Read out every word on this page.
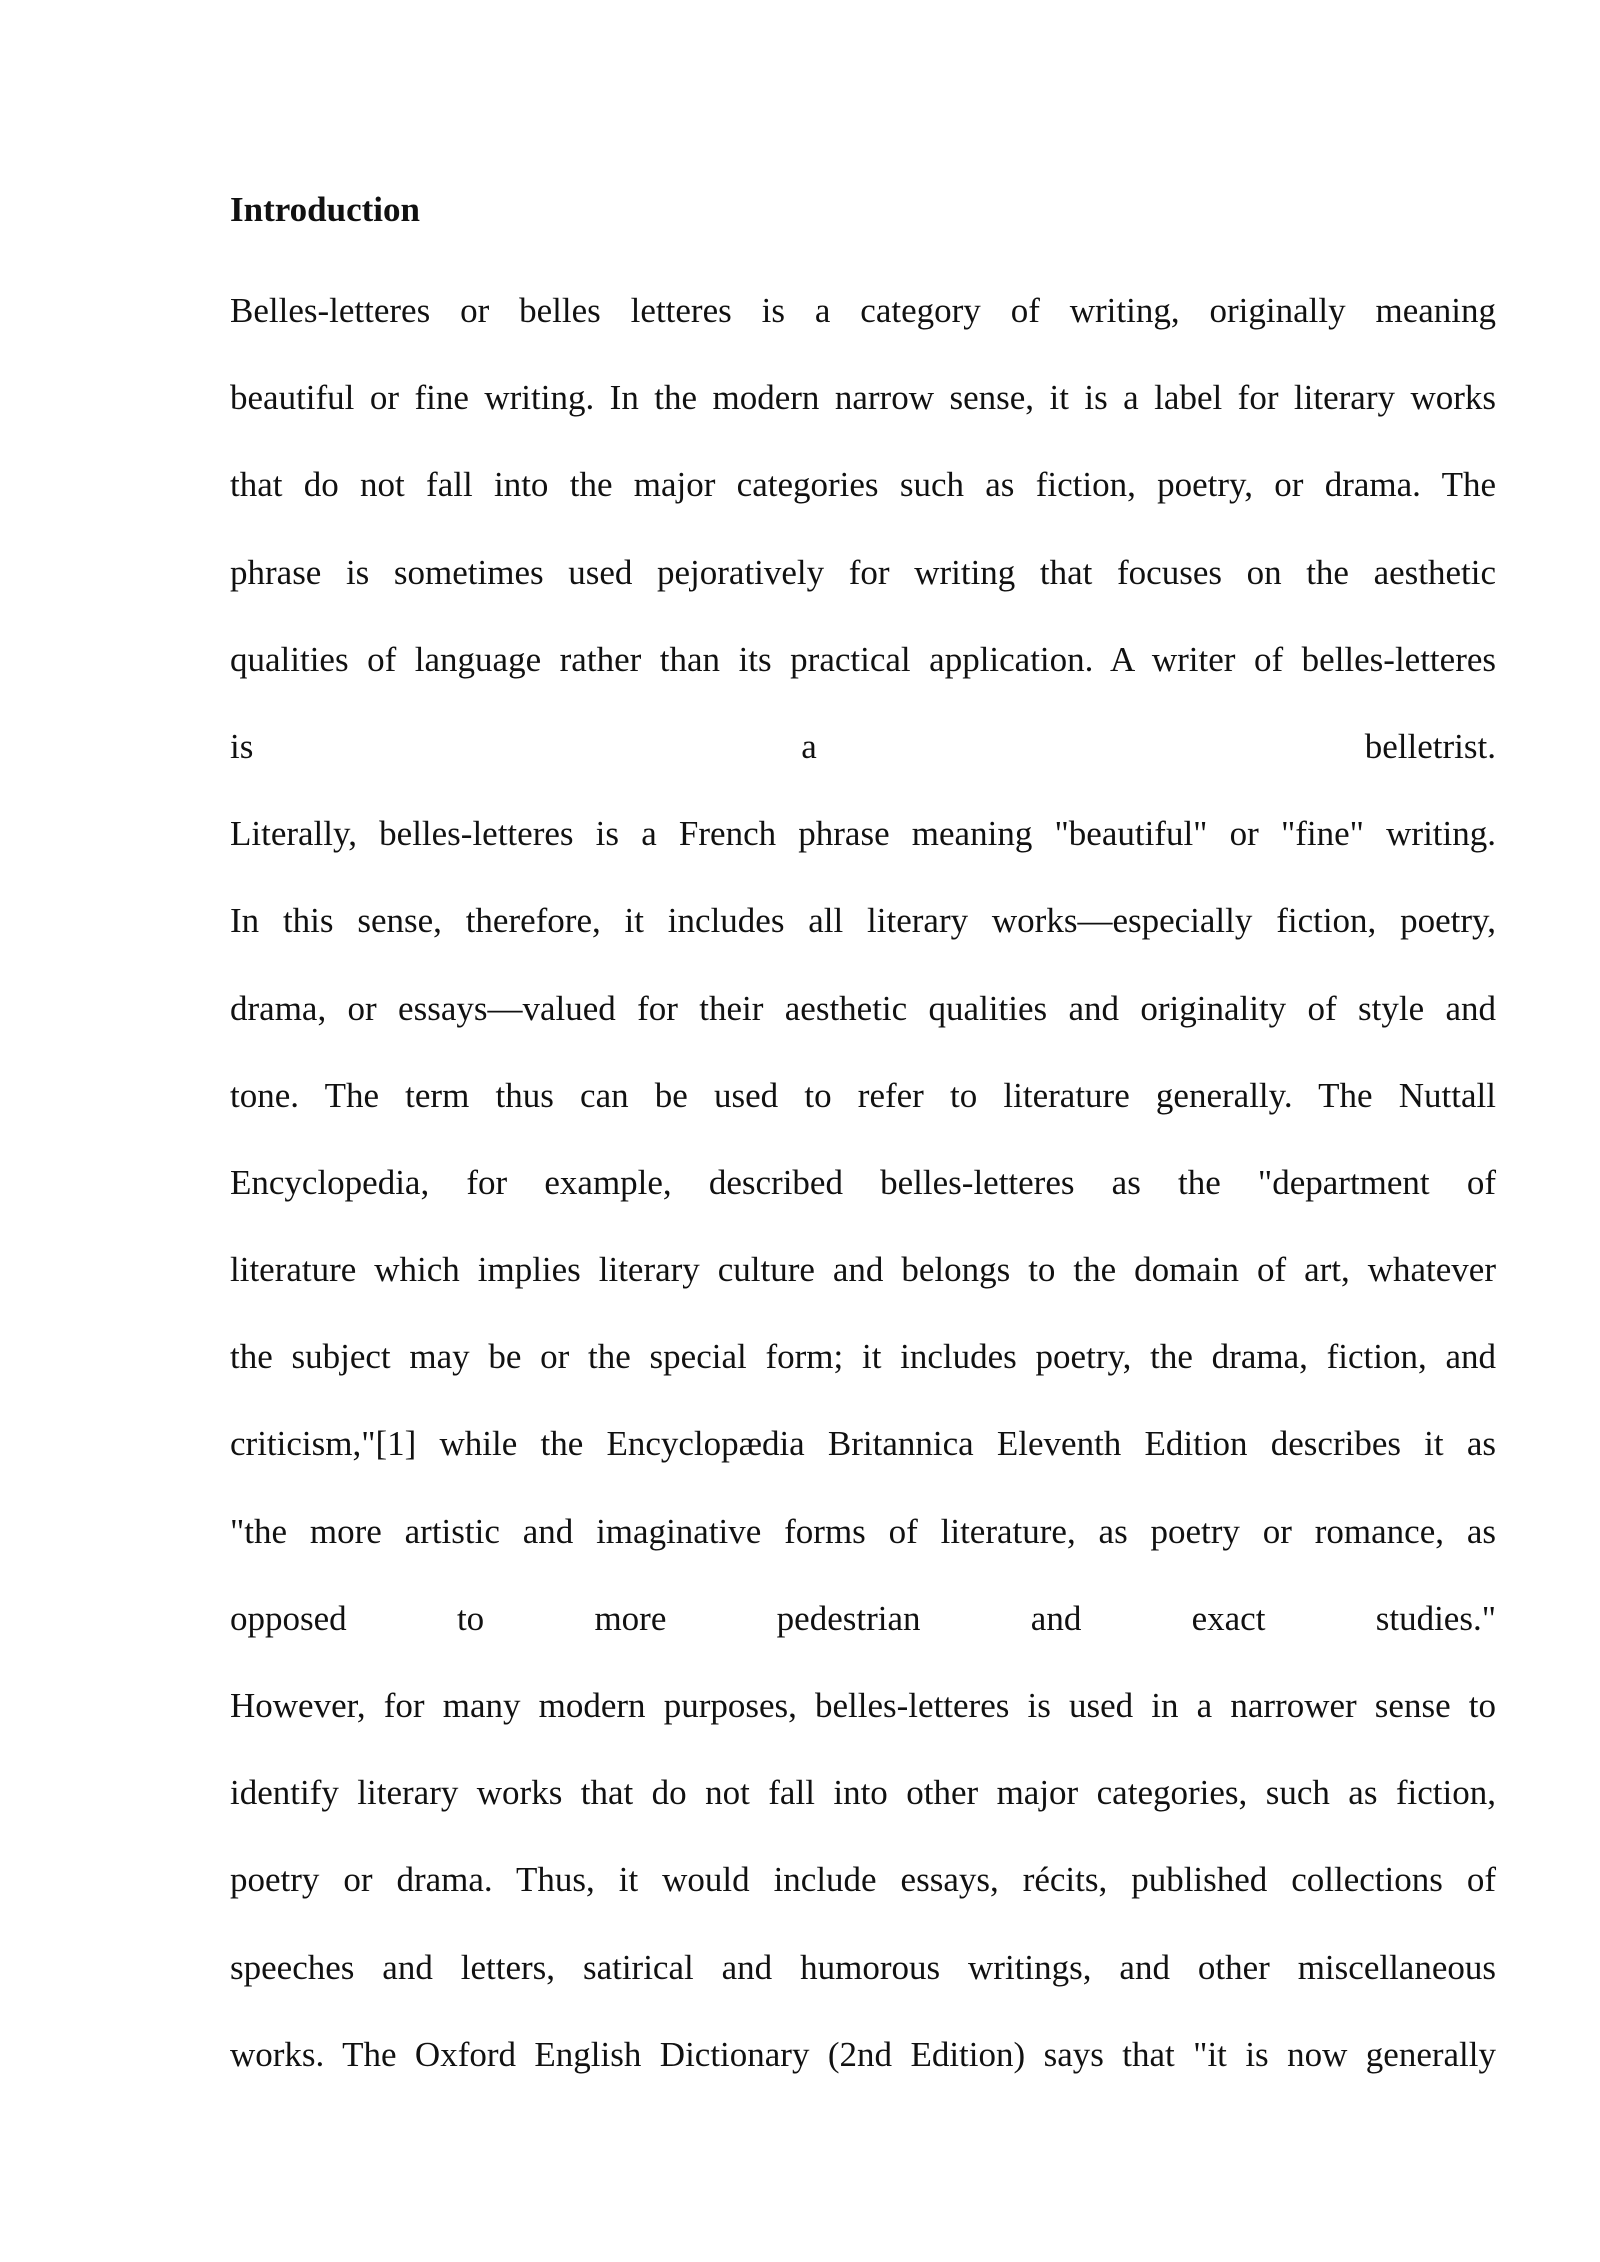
Introduction
Belles-letteres or belles letteres is a category of writing, originally meaning
beautiful or fine writing. In the modern narrow sense, it is a label for literary works
that do not fall into the major categories such as fiction, poetry, or drama. The
phrase is sometimes used pejoratively for writing that focuses on the aesthetic
qualities of language rather than its practical application. A writer of belles-letteres
is a belletrist.
Literally, belles-letteres is a French phrase meaning "beautiful" or "fine" writing.
In this sense, therefore, it includes all literary works—especially fiction, poetry,
drama, or essays—valued for their aesthetic qualities and originality of style and
tone. The term thus can be used to refer to literature generally. The Nuttall
Encyclopedia, for example, described belles-letteres as the "department of
literature which implies literary culture and belongs to the domain of art, whatever
the subject may be or the special form; it includes poetry, the drama, fiction, and
criticism,"[1] while the Encyclopædia Britannica Eleventh Edition describes it as
"the more artistic and imaginative forms of literature, as poetry or romance, as
opposed to more pedestrian and exact studies."
However, for many modern purposes, belles-letteres is used in a narrower sense to
identify literary works that do not fall into other major categories, such as fiction,
poetry or drama. Thus, it would include essays, récits, published collections of
speeches and letters, satirical and humorous writings, and other miscellaneous
works. The Oxford English Dictionary (2nd Edition) says that "it is now generally
